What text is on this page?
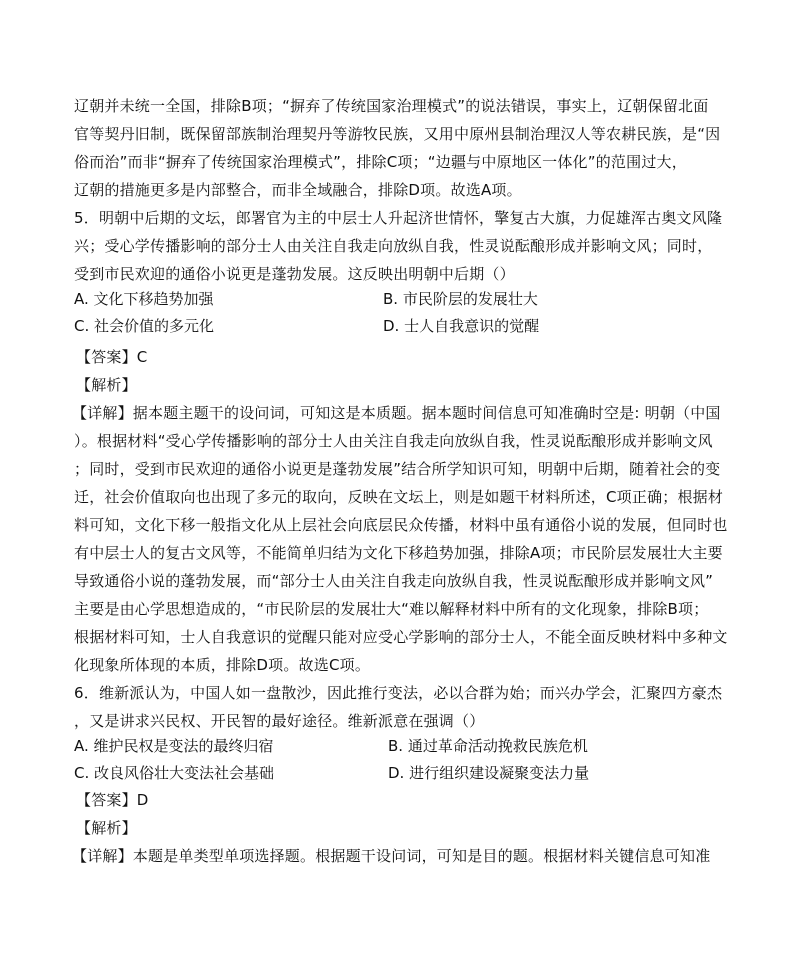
辽朝并未统一全国，排除B项；“摒弃了传统国家治理模式”的说法错误，事实上，辽朝保留北面
官等契丹旧制，既保留部族制治理契丹等游牧民族，又用中原州县制治理汉人等农耕民族，是“因
俗而治”而非“摒弃了传统国家治理模式”，排除C项；“边疆与中原地区一体化”的范围过大，
辽朝的措施更多是内部整合，而非全域融合，排除D项。故选A项。
5．明朝中后期的文坛，郎署官为主的中层士人升起济世情怀，擎复古大旗，力促雄浑古奥文风隆
兴；受心学传播影响的部分士人由关注自我走向放纵自我，性灵说酝酿形成并影响文风；同时，
受到市民欢迎的通俗小说更是蓬勃发展。这反映出明朝中后期（）
A. 文化下移趋势加强	B. 市民阶层的发展壮大
C. 社会价值的多元化	D. 士人自我意识的觉醒
【答案】C
【解析】
【详解】据本题主题干的设问词，可知这是本质题。据本题时间信息可知准确时空是: 明朝（中国
）。根据材料“受心学传播影响的部分士人由关注自我走向放纵自我，性灵说酝酿形成并影响文风
；同时，受到市民欢迎的通俗小说更是蓬勃发展”结合所学知识可知，明朝中后期，随着社会的变
迁，社会价值取向也出现了多元的取向，反映在文坛上，则是如题干材料所述，C项正确；根据材
料可知，文化下移一般指文化从上层社会向底层民众传播，材料中虽有通俗小说的发展，但同时也
有中层士人的复古文风等，不能简单归结为文化下移趋势加强，排除A项；市民阶层发展壮大主要
导致通俗小说的蓬勃发展，而“部分士人由关注自我走向放纵自我，性灵说酝酿形成并影响文风”
主要是由心学思想造成的，“市民阶层的发展壮大“难以解释材料中所有的文化现象，排除B项；
根据材料可知，士人自我意识的觉醒只能对应受心学影响的部分士人，不能全面反映材料中多种文
化现象所体现的本质，排除D项。故选C项。
6．维新派认为，中国人如一盘散沙，因此推行变法，必以合群为始；而兴办学会，汇聚四方豪杰
，又是讲求兴民权、开民智的最好途径。维新派意在强调（）
A. 维护民权是变法的最终归宿	B. 通过革命活动挽救民族危机
C. 改良风俗壮大变法社会基础	D. 进行组织建设凝聚变法力量
【答案】D
【解析】
【详解】本题是单类型单项选择题。根据题干设问词，可知是目的题。根据材料关键信息可知准
